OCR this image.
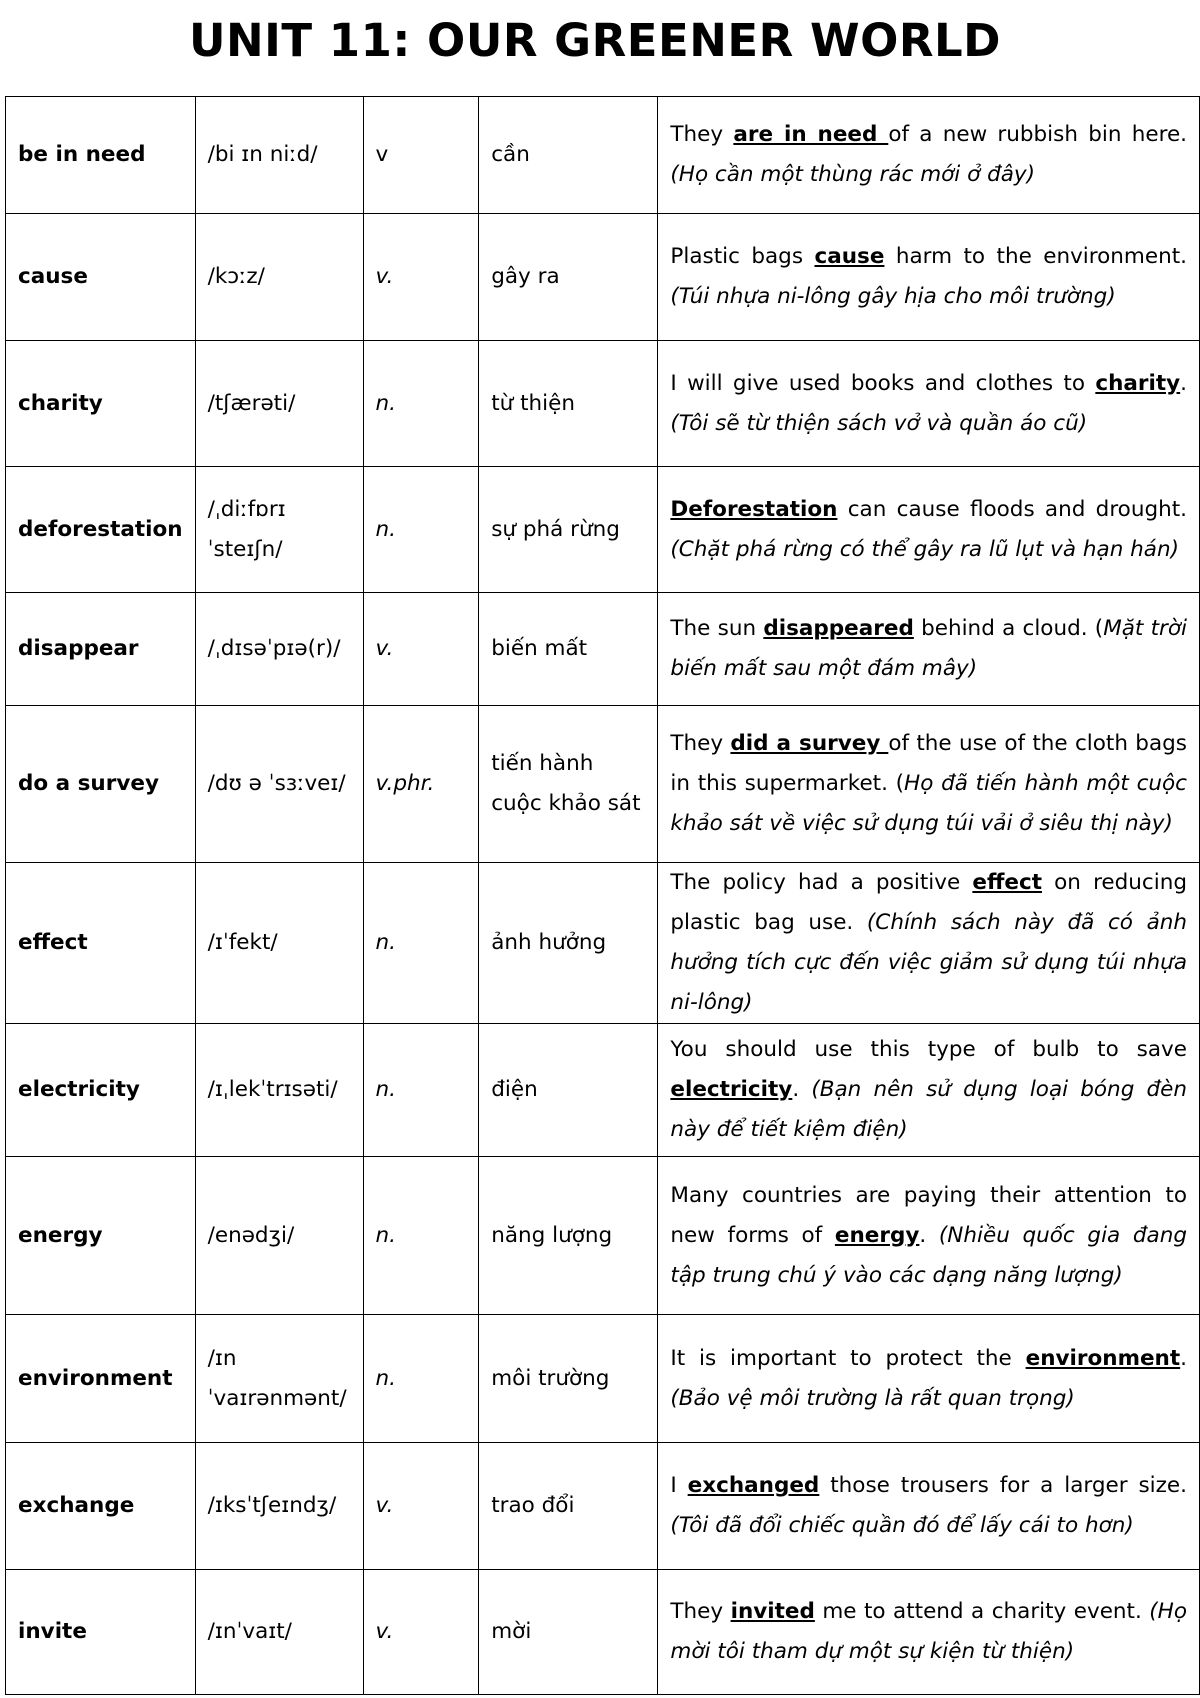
UNIT 11: OUR GREENER WORLD
be in need	/bi ɪn niːd/	v	cần	They are in need of a new rubbish bin here. (Họ cần một thùng rác mới ở đây)
cause	/kɔːz/	v.	gây ra	Plastic bags cause harm to the environment. (Túi nhựa ni-lông gây hịa cho môi trường)
charity	/tʃærəti/	n.	từ thiện	I will give used books and clothes to charity. (Tôi sẽ từ thiện sách vở và quần áo cũ)
deforestation	/ˌdiːfɒrɪˈsteɪʃn/	n.	sự phá rừng	Deforestation can cause floods and drought. (Chặt phá rừng có thể gây ra lũ lụt và hạn hán)
disappear	/ˌdɪsəˈpɪə(r)/	v.	biến mất	The sun disappeared behind a cloud. (Mặt trời biến mất sau một đám mây)
do a survey	/dʊ ə ˈsɜːveɪ/	v.phr.	tiến hành cuộc khảo sát	They did a survey of the use of the cloth bags in this supermarket. (Họ đã tiến hành một cuộc khảo sát về việc sử dụng túi vải ở siêu thị này)
effect	/ɪˈfekt/	n.	ảnh hưởng	The policy had a positive effect on reducing plastic bag use. (Chính sách này đã có ảnh hưởng tích cực đến việc giảm sử dụng túi nhựa ni-lông)
electricity	/ɪˌlekˈtrɪsəti/	n.	điện	You should use this type of bulb to save electricity. (Bạn nên sử dụng loại bóng đèn này để tiết kiệm điện)
energy	/enədʒi/	n.	năng lượng	Many countries are paying their attention to new forms of energy. (Nhiều quốc gia đang tập trung chú ý vào các dạng năng lượng)
environment	/ɪn ˈvaɪrənmənt/	n.	môi trường	It is important to protect the environment. (Bảo vệ môi trường là rất quan trọng)
exchange	/ɪksˈtʃeɪndʒ/	v.	trao đổi	I exchanged those trousers for a larger size. (Tôi đã đổi chiếc quần đó để lấy cái to hơn)
invite	/ɪnˈvaɪt/	v.	mời	They invited me to attend a charity event. (Họ mời tôi tham dự một sự kiện từ thiện)
